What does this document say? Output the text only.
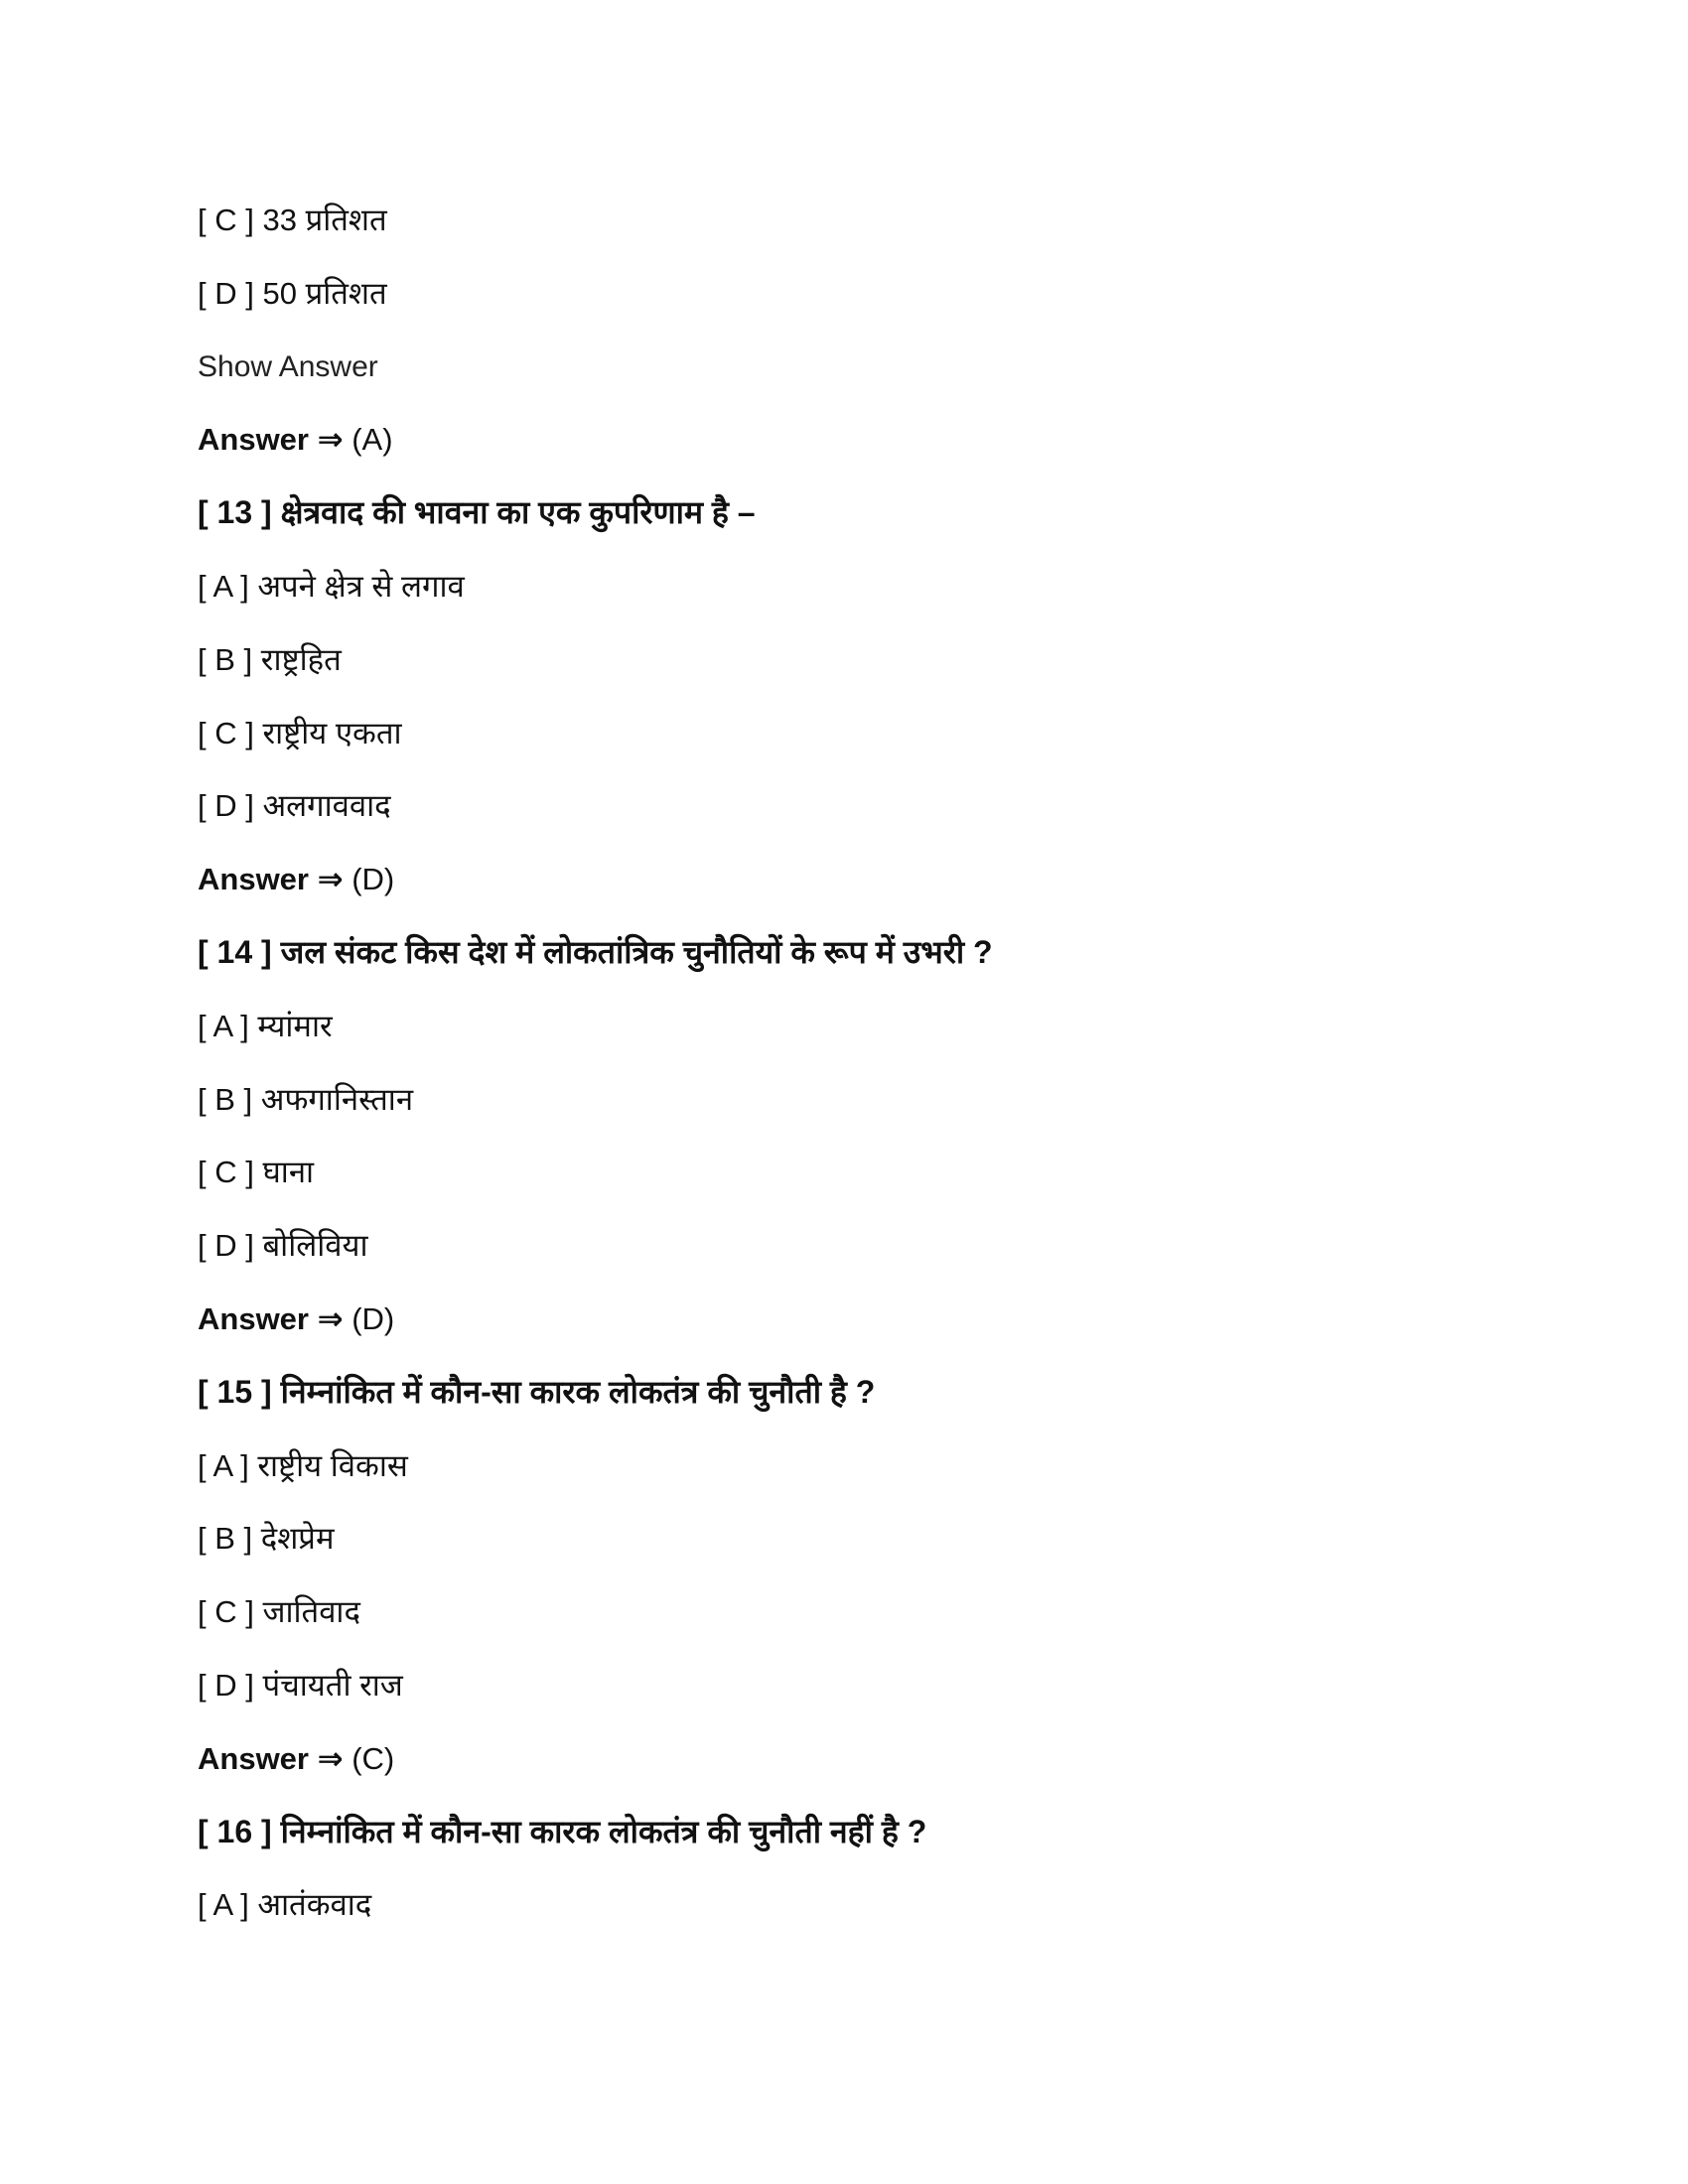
[ C ] 33 प्रतिशत
[ D ] 50 प्रतिशत
Show Answer
Answer ⇒ (A)
[ 13 ] क्षेत्रवाद की भावना का एक कुपरिणाम है –
[ A ] अपने क्षेत्र से लगाव
[ B ] राष्ट्रहित
[ C ] राष्ट्रीय एकता
[ D ] अलगाववाद
Answer ⇒ (D)
[ 14 ] जल संकट किस देश में लोकतांत्रिक चुनौतियों के रूप में उभरी ?
[ A ] म्यांमार
[ B ] अफगानिस्तान
[ C ] घाना
[ D ] बोलिविया
Answer ⇒ (D)
[ 15 ] निम्नांकित में कौन-सा कारक लोकतंत्र की चुनौती है ?
[ A ] राष्ट्रीय विकास
[ B ] देशप्रेम
[ C ] जातिवाद
[ D ] पंचायती राज
Answer ⇒ (C)
[ 16 ] निम्नांकित में कौन-सा कारक लोकतंत्र की चुनौती नहीं है ?
[ A ] आतंकवाद
